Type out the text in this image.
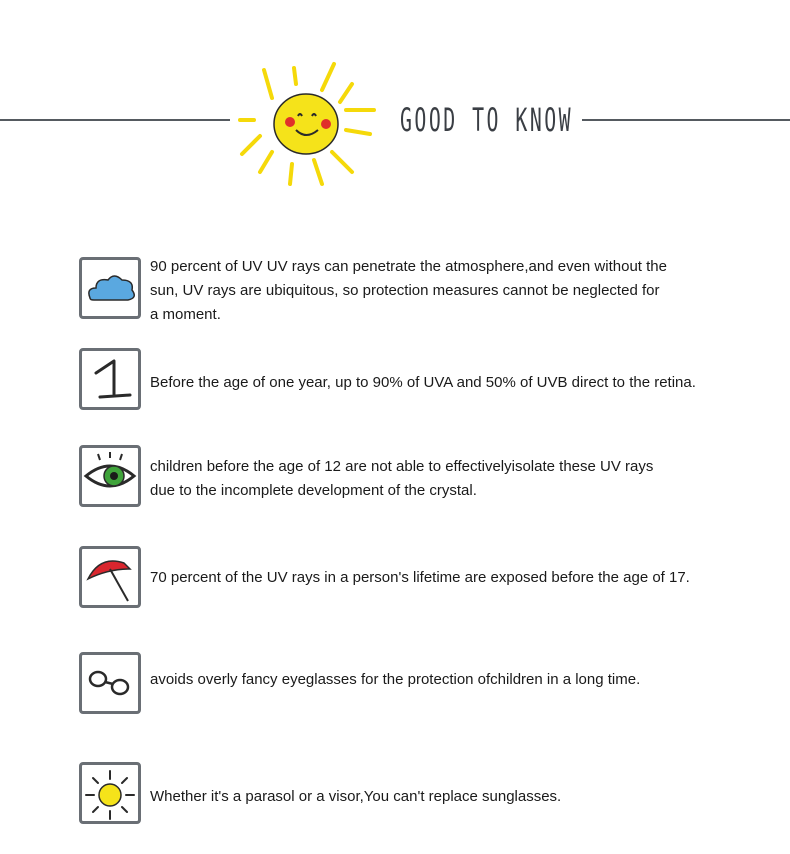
GOOD TO KNOW
90 percent of UV UV rays can penetrate the atmosphere,and even without the
sun, UV rays are ubiquitous, so protection measures cannot be neglected for
a moment.
Before the age of one year, up to 90% of UVA and 50% of UVB direct to the retina.
children before the age of 12 are not able to effectivelyisolate these UV rays
due to the incomplete development of the crystal.
70 percent of the UV rays in a person's lifetime are exposed before the age of 17.
avoids overly fancy eyeglasses for the protection ofchildren in a long time.
Whether it's a parasol or a visor,You can't replace sunglasses.
